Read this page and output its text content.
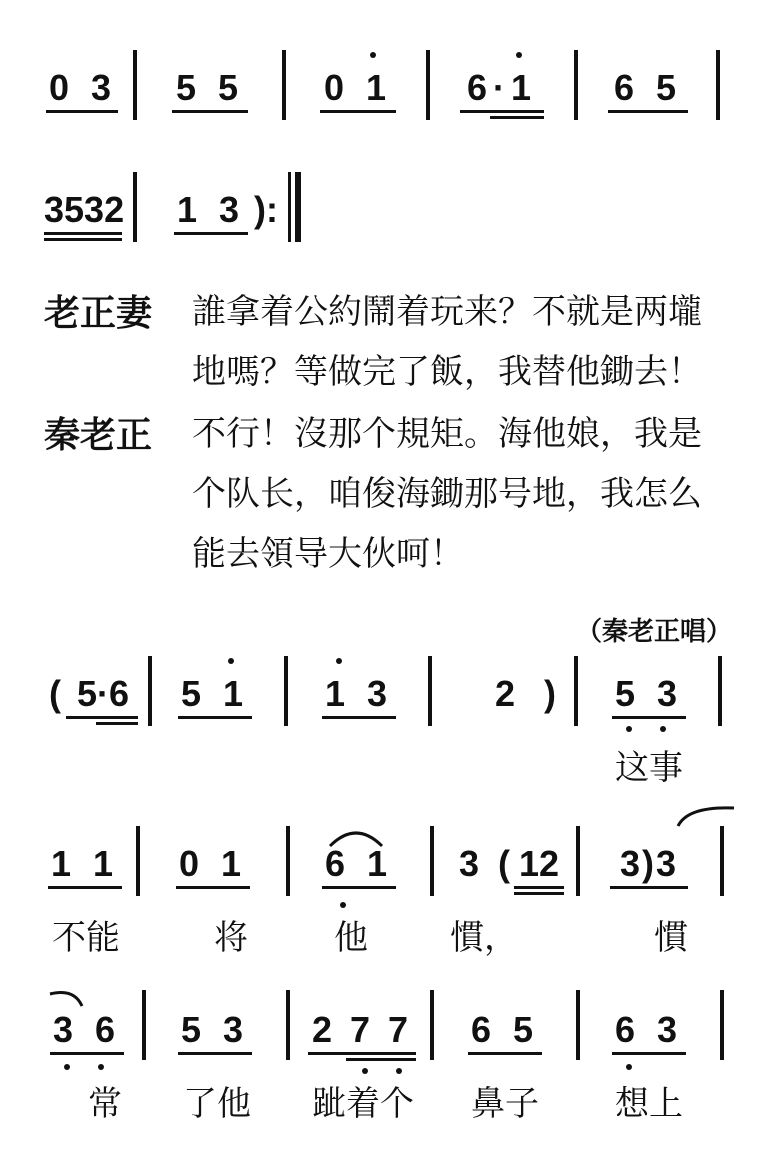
0 3 5 5 0 1 6·1 6 5
3532 1 3 ):
老正妻 誰拿着公約鬧着玩来？不就是两壠
地嗎？等做完了飯，我替他鋤去！
秦老正 不行！沒那个規矩。海他娘，我是
个队长，咱俊海鋤那号地，我怎么
能去領导大伙呵！
（秦老正唱）
( 5·6 5 1 1 3	2 ) 5 3
这事
1 1 0 1 6 1 3 ( 12 3)3
不能	将	他 慣，	慣
3 6 5 3 2 7 7 6 5 6 3
常 了他 跐着个 鼻子 想上
